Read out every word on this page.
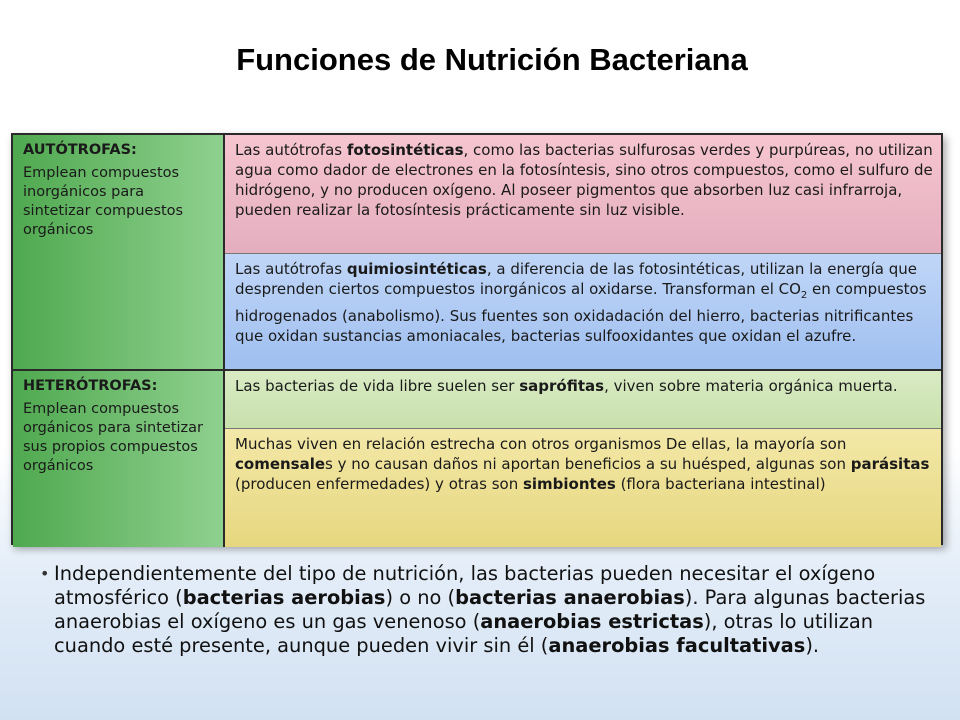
Funciones de Nutrición Bacteriana
AUTÓTROFAS:
Emplean compuestos inorgánicos para sintetizar compuestos orgánicos
Las autótrofas fotosintéticas, como las bacterias sulfurosas verdes y purpúreas, no utilizan agua como dador de electrones en la fotosíntesis, sino otros compuestos, como el sulfuro de hidrógeno, y no producen oxígeno. Al poseer pigmentos que absorben luz casi infrarroja, pueden realizar la fotosíntesis prácticamente sin luz visible.
Las autótrofas quimiosintéticas, a diferencia de las fotosintéticas, utilizan la energía que desprenden ciertos compuestos inorgánicos al oxidarse. Transforman el $CO_2$ en compuestos hidrogenados (anabolismo). Sus fuentes son oxidadación del hierro, bacterias nitrificantes que oxidan sustancias amoniacales, bacterias sulfooxidantes que oxidan el azufre.
HETERÓTROFAS:
Emplean compuestos orgánicos para sintetizar sus propios compuestos orgánicos
Las bacterias de vida libre suelen ser saprófitas, viven sobre materia orgánica muerta.
Muchas viven en relación estrecha con otros organismos De ellas, la mayoría son comensales y no causan daños ni aportan beneficios a su huésped, algunas son parásitas (producen enfermedades) y otras son simbiontes (flora bacteriana intestinal)
• Independientemente del tipo de nutrición, las bacterias pueden necesitar el oxígeno atmosférico (bacterias aerobias) o no (bacterias anaerobias). Para algunas bacterias anaerobias el oxígeno es un gas venenoso (anaerobias estrictas), otras lo utilizan cuando esté presente, aunque pueden vivir sin él (anaerobias facultativas).
